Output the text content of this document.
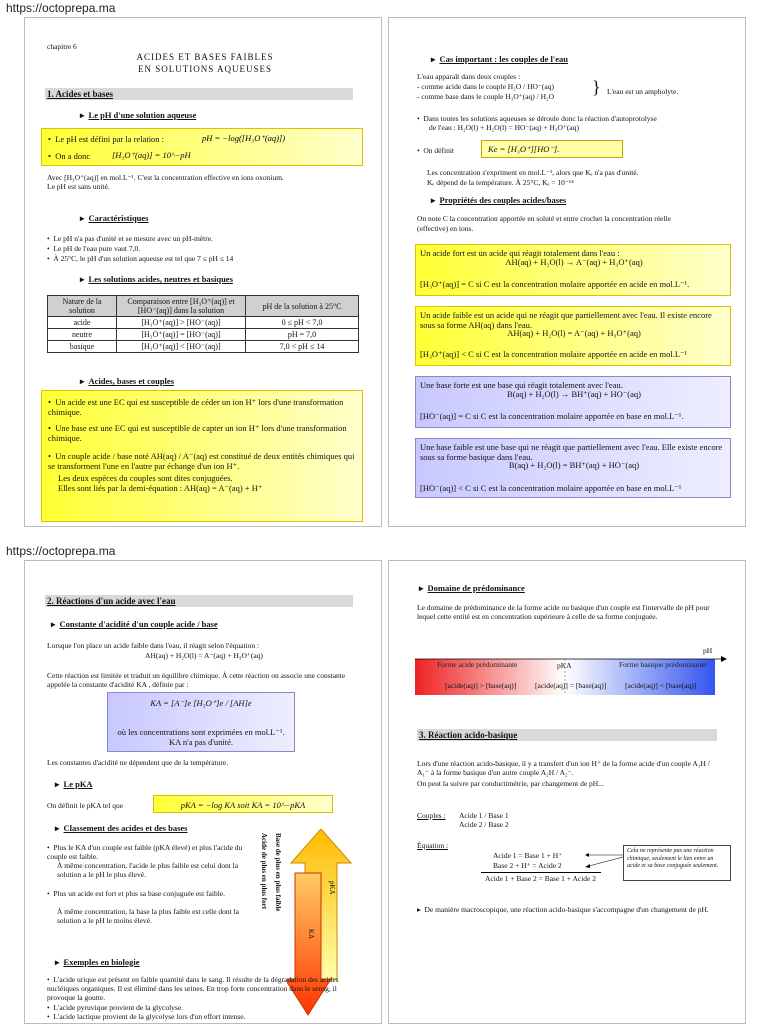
https://octoprepa.ma
https://octoprepa.ma
chapitre 6
ACIDES ET BASES FAIBLES
EN SOLUTIONS AQUEUSES
1. Acides et bases
▸  Le pH d'une solution aqueuse
•  Le pH est défini par la relation :	pH = −log([H₃O⁺(aq)])
•  On a donc	[H₃O⁺(aq)] = 10^−pH
Avec [H₃O⁺(aq)] en mol.L⁻¹. C'est la concentration effective en ions oxonium.
Le pH est sans unité.
▸  Caractéristiques
•  Le pH n'a pas d'unité et se mesure avec un pH-mètre.
•  Le pH de l'eau pure vaut 7,0.
•  À 25°C, le pH d'un solution aqueuse est tel que 7 ≤ pH ≤ 14
▸  Les solutions acides, neutres et basiques
Nature de la solution	Comparaison entre [H₃O⁺(aq)] et [HO⁻(aq)] dans la solution	pH de la solution à 25°C
acide	[H₃O⁺(aq)] > [HO⁻(aq)]	0 ≤ pH < 7,0
neutre	[H₃O⁺(aq)] = [HO⁻(aq)]	pH = 7,0
basique	[H₃O⁺(aq)] < [HO⁻(aq)]	7,0 < pH ≤ 14
▸  Acides, bases et couples
•  Un acide est une EC qui est susceptible de céder un ion H⁺ lors d'une transformation chimique.
•  Une base est une EC qui est susceptible de capter un ion H⁺ lors d'une transformation chimique.
•  Un couple acide / base noté AH(aq) / A⁻(aq) est constitué de deux entités chimiques qui se transforment l'une en l'autre par échange d'un ion H⁺.
Les deux espèces du couples sont dites conjuguées.
Elles sont liés par la demi-équation : AH(aq) = A⁻(aq) + H⁺
▸  Cas important : les couples de l'eau
L'eau apparaît dans deux couples :
- comme acide dans le couple H₂O / HO⁻(aq)
- comme base dans le couple H₃O⁺(aq) / H₂O } L'eau est un ampholyte.
•  Dans toutes les solutions aqueuses se déroule donc la réaction d'autoprotolyse
de l'eau : H₂O(l) + H₂O(l) = HO⁻(aq) + H₃O⁺(aq)
•  On définit	Ke = [H₃O⁺][HO⁻].
Les concentration s'expriment en mol.L⁻¹, alors que Kₑ n'a pas d'unité.
Kₑ dépend de la température. À 25°C, Kₑ = 10⁻¹⁴
▸  Propriétés des couples acides/bases
On note C la concentration apportée en soluté et entre crochet la concentration réelle
(effective) en ions.
Un acide fort est un acide qui réagit totalement dans l'eau :
AH(aq) + H₂O(l) → A⁻(aq) + H₃O⁺(aq)
[H₃O⁺(aq)] = C si C est la concentration molaire apportée en acide en mol.L⁻¹.
Un acide faible est un acide qui ne réagit que partiellement avec l'eau. Il existe encore sous sa forme AH(aq) dans l'eau.
AH(aq) + H₂O(l) = A⁻(aq) + H₃O⁺(aq)
[H₃O⁺(aq)] < C si C est la concentration molaire apportée en acide en mol.L⁻¹
Une base forte est une base qui réagit totalement avec l'eau.
B(aq) + H₂O(l) → BH⁺(aq) + HO⁻(aq)
[HO⁻(aq)] = C si C est la concentration molaire apportée en base en mol.L⁻¹.
Une base faible est une base qui ne réagit que partiellement avec l'eau. Elle existe encore sous sa forme basique dans l'eau.
B(aq) + H₂O(l) = BH⁺(aq) + HO⁻(aq)
[HO⁻(aq)] < C si C est la concentration molaire apportée en base en mol.L⁻¹
2. Réactions d'un acide avec l'eau
▸  Constante d'acidité d'un couple acide / base
Lorsque l'on place un acide faible dans l'eau, il réagit selon l'équation :
AH(aq) + H₂O(l) = A⁻(aq) + H₃O⁺(aq)
Cette réaction est limitée et traduit un équilibre chimique. À cette réaction on associe une constante appelée la constante d'acidité KA , définie par :
KA = [A⁻]e [H₃O⁺]e / [AH]e
où les concentrations sont exprimées en mol.L⁻¹.
KA n'a pas d'unité.
Les constantes d'acidité ne dépendent que de la température.
▸  Le pKA
On définit le pKA tel que	pKA = −log KA soit KA = 10^−pKA
▸  Classement des acides et des bases
•  Plus le KA d'un couple est faible (pKA élevé) et plus l'acide du couple est faible.
À même concentration, l'acide le plus faible est celui dont la solution a le pH le plus élevé.
•  Plus un acide est fort et plus sa base conjuguée est faible.
À même concentration, la base la plus faible est celle dont la solution a le pH le moins élevé.
Acide de plus en plus fort Base de plus en plus faible	pKA
KA
▸  Exemples en biologie
•  L'acide urique est présent en faible quantité dans le sang. Il résulte de la dégradation des acides nucléiques organiques. Il est éliminé dans les urines. En trop forte concentration dans le sensg, il provoque la goutte.
•  L'acide pyruvique provient de la glycolyse.
•  L'acide lactique provient de la glycolyse lors d'un effort intense.
▸  Domaine de prédominance
Le domaine de prédominance de la forme acide ou basique d'un couple est l'intervalle de pH pour lequel cette entité est en concentration supérieure à celle de sa forme conjuguée.
pH
pKA
Forme acide prédominante	Forme basique prédominante
[acide(aq)] > [base(aq)] [acide(aq)] = [base(aq)] [acide(aq)] < [base(aq)]
3. Réaction acido-basique
Lors d'une réaction acido-basique, il y a transfert d'un ion H⁺ de la forme acide d'un couple A₁H / A₁⁻ à la forme basique d'un autre couple A₂H / A₂⁻.
On peut la suivre par conductimétrie, par changement de pH...
Couples : Acide 1 / Base 1
Acide 2 / Base 2
Équation :
Acide 1 = Base 1 + H⁺
Base 2 + H⁺ = Acide 2
Acide 1 + Base 2 = Base 1 + Acide 2
Cela ne représente pas une réaction chimique, seulement le lien entre un acide et sa base conjuguée seulement.
▸  De manière macroscopique, une réaction acido-basique s'accompagne d'un changement de pH.
